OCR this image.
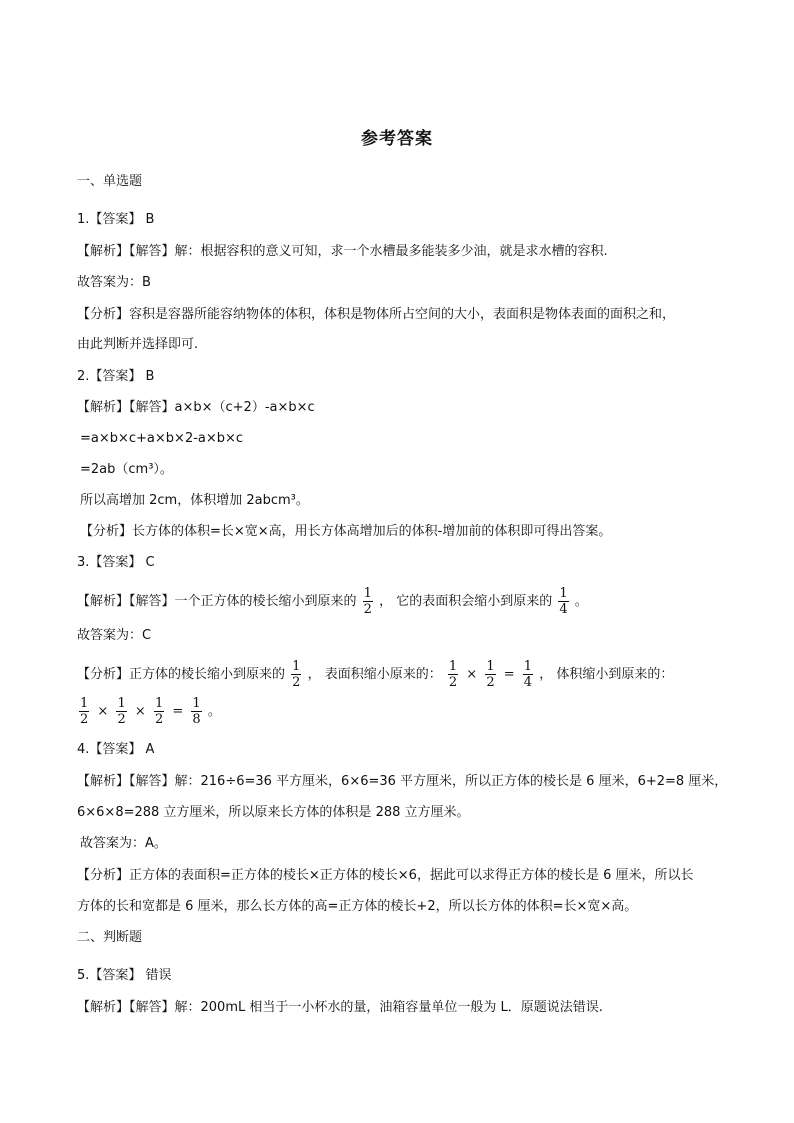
参考答案
一、单选题
1.【答案】 B
【解析】【解答】解：根据容积的意义可知，求一个水槽最多能装多少油，就是求水槽的容积.
故答案为：B
【分析】容积是容器所能容纳物体的体积，体积是物体所占空间的大小，表面积是物体表面的面积之和，
由此判断并选择即可.
2.【答案】 B
【解析】【解答】a×b×（c+2）-a×b×c
=a×b×c+a×b×2-a×b×c
=2ab（cm³）。
所以高增加 2cm，体积增加 2abcm³。
【分析】长方体的体积=长×宽×高，用长方体高增加后的体积-增加前的体积即可得出答案。
3.【答案】 C
【解析】【解答】一个正方体的棱长缩小到原来的 $\frac{1}{2}$ ， 它的表面积会缩小到原来的 $\frac{1}{4}$ 。
故答案为：C
【分析】正方体的棱长缩小到原来的 $\frac{1}{2}$ ， 表面积缩小原来的： $\frac{1}{2} \times \frac{1}{2} = \frac{1}{4}$ ， 体积缩小到原来的：
$\frac{1}{2} \times \frac{1}{2} \times \frac{1}{2} = \frac{1}{8}$ 。
4.【答案】 A
【解析】【解答】解：216÷6=36 平方厘米，6×6=36 平方厘米，所以正方体的棱长是 6 厘米，6+2=8 厘米，
6×6×8=288 立方厘米，所以原来长方体的体积是 288 立方厘米。
故答案为：A。
【分析】正方体的表面积=正方体的棱长×正方体的棱长×6，据此可以求得正方体的棱长是 6 厘米，所以长
方体的长和宽都是 6 厘米，那么长方体的高=正方体的棱长+2，所以长方体的体积=长×宽×高。
二、判断题
5.【答案】 错误
【解析】【解答】解：200mL 相当于一小杯水的量，油箱容量单位一般为 L．原题说法错误.
